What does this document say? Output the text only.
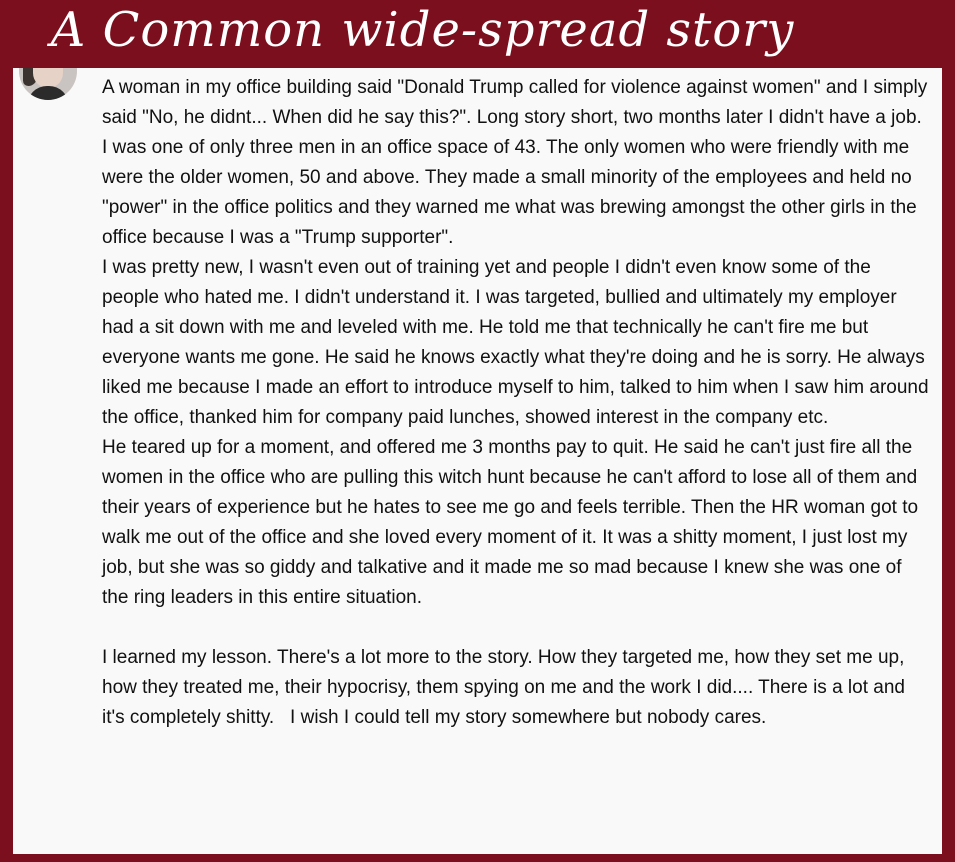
A Common wide-spread story

A woman in my office building said "Donald Trump called for violence against women" and I simply said "No, he didnt... When did he say this?". Long story short, two months later I didn't have a job. I was one of only three men in an office space of 43. The only women who were friendly with me were the older women, 50 and above. They made a small minority of the employees and held no  "power" in the office politics and they warned me what was brewing amongst the other girls in the office because I was a "Trump supporter".

I was pretty new, I wasn't even out of training yet and people I didn't even know some of the people who hated me. I didn't understand it. I was targeted, bullied and ultimately my employer had a sit down with me and leveled with me. He told me that technically he can't fire me but everyone wants me gone. He said he knows exactly what they're doing and he is sorry. He always liked me because I made an effort to introduce myself to him, talked to him when I saw him around the office, thanked him for company paid lunches, showed interest in the company etc.

He teared up for a moment, and offered me 3 months pay to quit. He said he can't just fire all the women in the office who are pulling this witch hunt because he can't afford to lose all of them and their years of experience but he hates to see me go and feels terrible. Then the HR woman got to walk me out of the office and she loved every moment of it. It was a shitty moment, I just lost my job, but she was so giddy and talkative and it made me so mad because I knew she was one of the ring leaders in this entire situation.

I learned my lesson. There's a lot more to the story. How they targeted me, how they set me up, how they treated me, their hypocrisy, them spying on me and the work I did.... There is a lot and it's completely shitty.   I wish I could tell my story somewhere but nobody cares.
